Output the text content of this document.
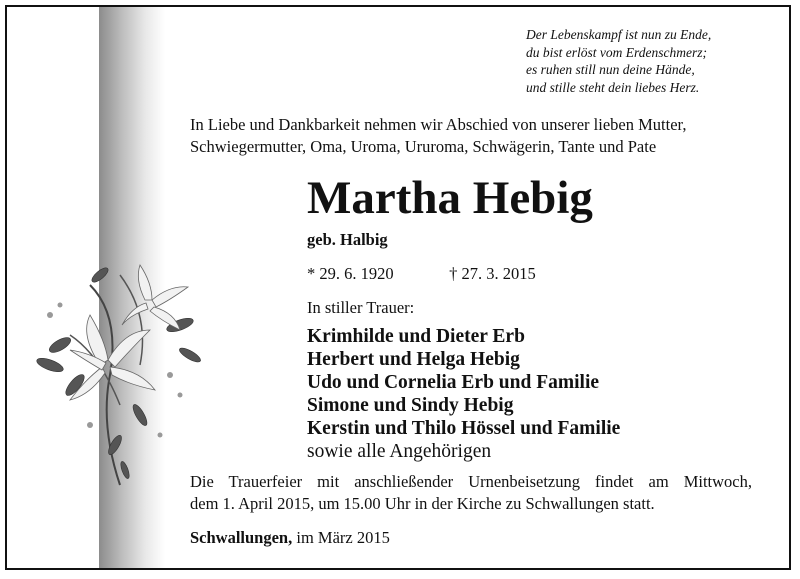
Der Lebenskampf ist nun zu Ende,
du bist erlöst vom Erdenschmerz;
es ruhen still nun deine Hände,
und stille steht dein liebes Herz.
In Liebe und Dankbarkeit nehmen wir Abschied von unserer lieben Mutter,
Schwiegermutter, Oma, Uroma, Ururoma, Schwägerin, Tante und Pate
Martha Hebig
geb. Halbig
* 29. 6. 1920	† 27. 3. 2015
In stiller Trauer:
Krimhilde und Dieter Erb
Herbert und Helga Hebig
Udo und Cornelia Erb und Familie
Simone und Sindy Hebig
Kerstin und Thilo Hössel und Familie
sowie alle Angehörigen
Die Trauerfeier mit anschließender Urnenbeisetzung findet am Mittwoch,
dem 1. April 2015, um 15.00 Uhr in der Kirche zu Schwallungen statt.
Schwallungen, im März 2015
